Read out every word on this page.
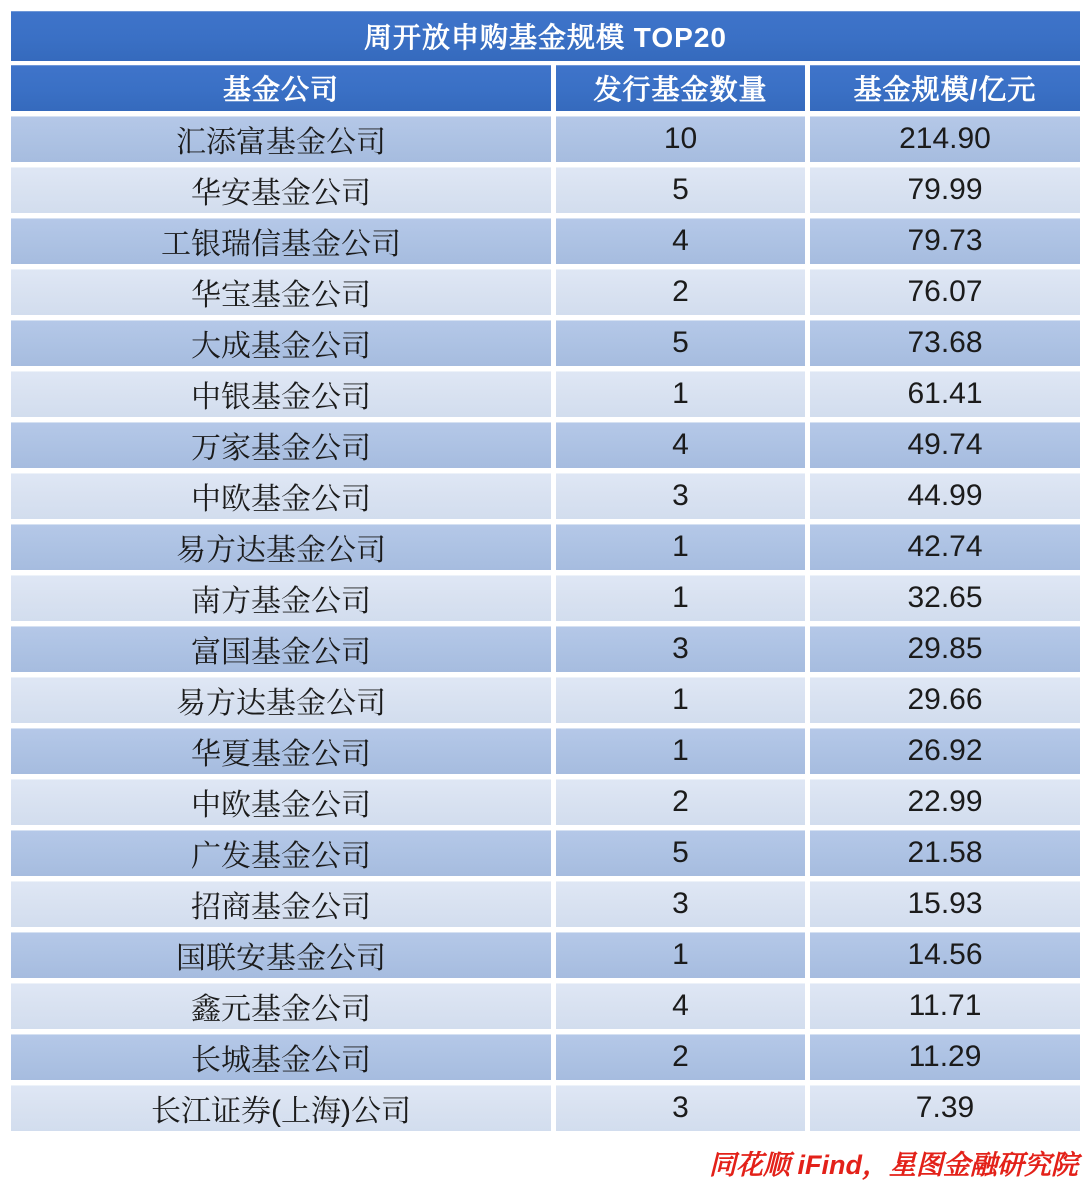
周开放申购基金规模 TOP20
基金公司	发行基金数量	基金规模/亿元
汇添富基金公司	10	214.90
华安基金公司	5	79.99
工银瑞信基金公司	4	79.73
华宝基金公司	2	76.07
大成基金公司	5	73.68
中银基金公司	1	61.41
万家基金公司	4	49.74
中欧基金公司	3	44.99
易方达基金公司	1	42.74
南方基金公司	1	32.65
富国基金公司	3	29.85
易方达基金公司	1	29.66
华夏基金公司	1	26.92
中欧基金公司	2	22.99
广发基金公司	5	21.58
招商基金公司	3	15.93
国联安基金公司	1	14.56
鑫元基金公司	4	11.71
长城基金公司	2	11.29
长江证券(上海)公司	3	7.39
同花顺 iFind，星图金融研究院
